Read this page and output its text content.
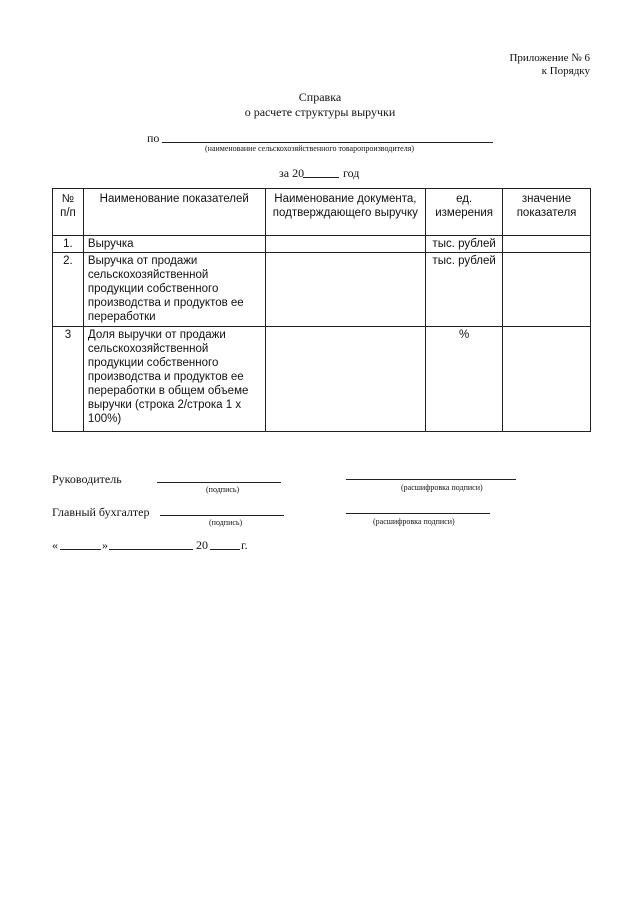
Приложение № 6
к Порядку
Справка
о расчете структуры выручки
по
(наименование сельскохозяйственного товаропроизводителя)
за 20	год
№ п/п	Наименование показателей	Наименование документа, подтверждающего выручку	ед. измерения	значение показателя
1.	Выручка		тыс. рублей	
2.	Выручка от продажи сельскохозяйственной продукции собственного производства и продуктов ее переработки		тыс. рублей	
3	Доля выручки от продажи сельскохозяйственной продукции собственного производства и продуктов ее переработки в общем объеме выручки (строка 2/строка 1 х 100%)		%	
Руководитель
(подпись)	(расшифровка подписи)
Главный бухгалтер
(подпись)	(расшифровка подписи)
«	»	20	г.
